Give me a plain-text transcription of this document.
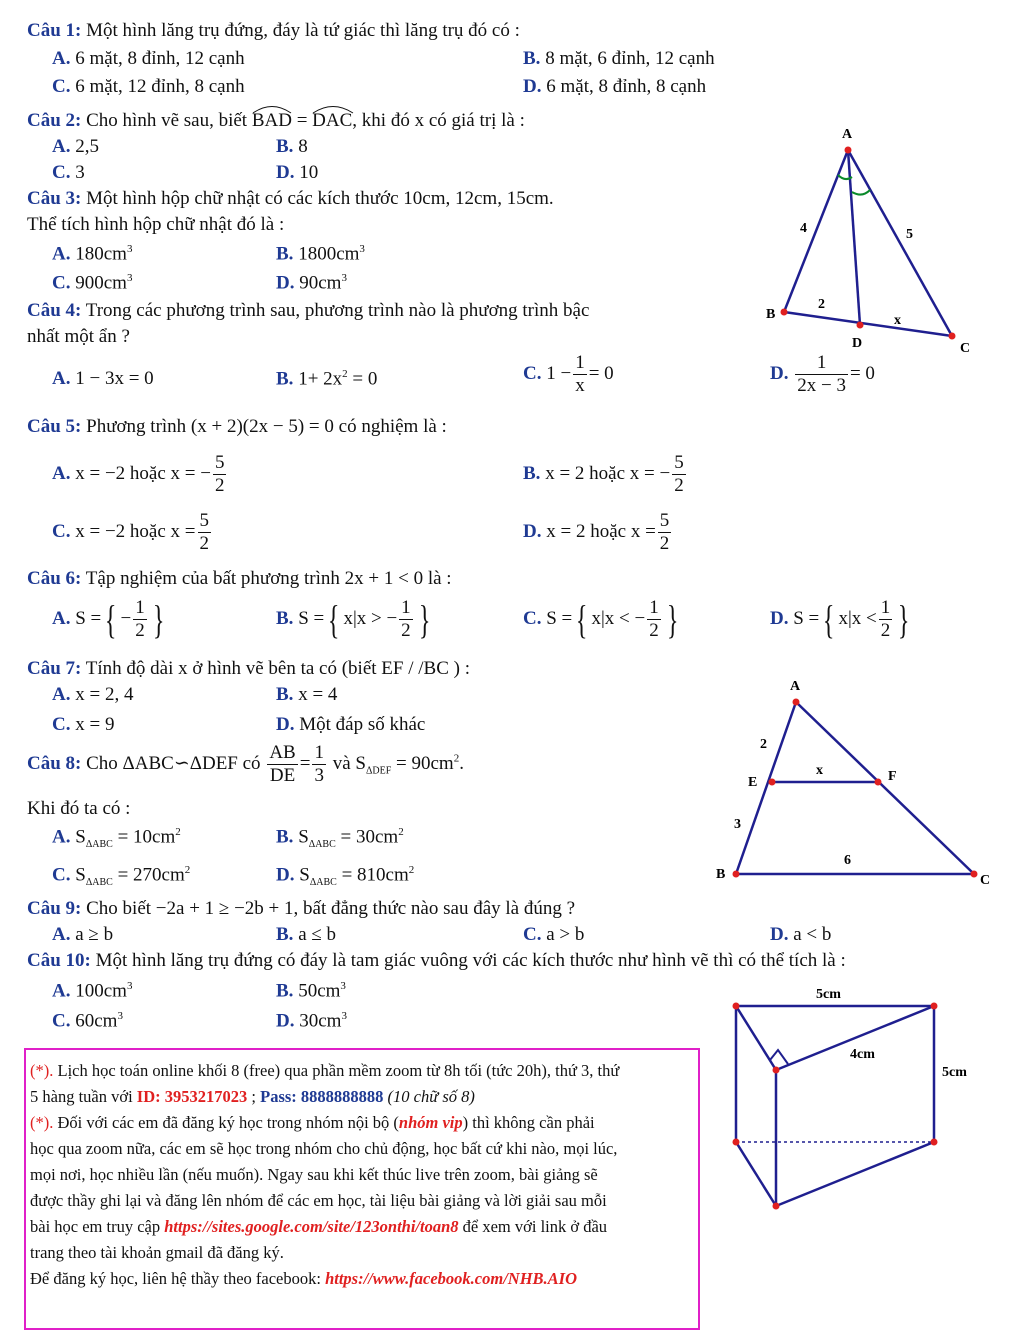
Câu 1: Một hình lăng trụ đứng, đáy là tứ giác thì lăng trụ đó có :
A. 6 mặt, 8 đỉnh, 12 cạnh	B. 8 mặt, 6 đỉnh, 12 cạnh
C. 6 mặt, 12 đỉnh, 8 cạnh	D. 6 mặt, 8 đỉnh, 8 cạnh
Câu 2: Cho hình vẽ sau, biết BAD = DAC
, khi đó x có giá trị là :
A. 2,5	B. 8
C. 3	D. 10
Câu 3: Một hình hộp chữ nhật có các kích thước 10cm, 12cm, 15cm.
Thể tích hình hộp chữ nhật đó là :
A. $180cm^3$	B. $1800cm^3$
C. $900cm^3$	D. $90cm^3$
Câu 4: Trong các phương trình sau, phương trình nào là phương trình bậc
nhất một ẩn ?
A. 1 − 3x = 0	B. $1+ 2x^2 = 0$	C. $1 - \frac{1}{x} = 0$	D. $\frac{1}{2x - 3} = 0$
Câu 5: Phương trình (x + 2)(2x − 5) = 0 có nghiệm là :
A. x = −2 hoặc x = − $\frac{5}{2}$	B. x = 2 hoặc x = − $\frac{5}{2}$
C. x = −2 hoặc $x = \frac{5}{2}$	D. x = 2 hoặc $x = \frac{5}{2}$
Câu 6: Tập nghiệm của bất phương trình 2x + 1 < 0 là :
A. S ={ − $\frac{1}{2}$ }	B. S ={ x|x > − $\frac{1}{2}$ }	C. S ={ x|x < − $\frac{1}{2}$ }	D. S ={ $x|x < \frac{1}{2}$ }
Câu 7: Tính độ dài x ở hình vẽ bên ta có (biết EF / /BC ) :
A. x = 2, 4	B. x = 4
C. x = 9	D. Một đáp số khác
Câu 8: Cho ΔABC∽ΔDEF có $\frac{AB}{DE} = \frac{1}{3}$ và $S_{\Delta DEF} = 90cm^2$.
Khi đó ta có :
A. $S_{\Delta ABC} = 10cm^2$	B. $S_{\Delta ABC} = 30cm^2$
C. $S_{\Delta ABC} = 270cm^2$	D. $S_{\Delta ABC} = 810cm^2$
Câu 9: Cho biết −2a + 1 ≥ −2b + 1, bất đẳng thức nào sau đây là đúng ?
A. a ≥ b	B. a ≤ b	C. a > b	D. a < b
Câu 10: Một hình lăng trụ đứng có đáy là tam giác vuông với các kích thước như hình vẽ thì có thể tích là :
A. $100cm^3$	B. $50cm^3$
C. $60cm^3$	D. $30cm^3$
A
B
C
D
4	5
2
x
A
B	C
E	F
2
3
x
6
5cm
4cm
5cm
(*). Lịch học toán online khối 8 (free) qua phần mềm zoom từ 8h tối (tức 20h), thứ 3, thứ
5 hàng tuần với ID: 3953217023 ; Pass: 8888888888 (10 chữ số 8)
(*). Đối với các em đã đăng ký học trong nhóm nội bộ (nhóm vip) thì không cần phải
học qua zoom nữa, các em sẽ học trong nhóm cho chủ động, học bất cứ khi nào, mọi lúc,
mọi nơi, học nhiều lần (nếu muốn). Ngay sau khi kết thúc live trên zoom, bài giảng sẽ
được thầy ghi lại và đăng lên nhóm để các em học, tài liệu bài giảng và lời giải sau mỗi
bài học em truy cập https://sites.google.com/site/123onthi/toan8 để xem với link ở đầu
trang theo tài khoản gmail đã đăng ký.
Để đăng ký học, liên hệ thầy theo facebook: https://www.facebook.com/NHB.AIO
